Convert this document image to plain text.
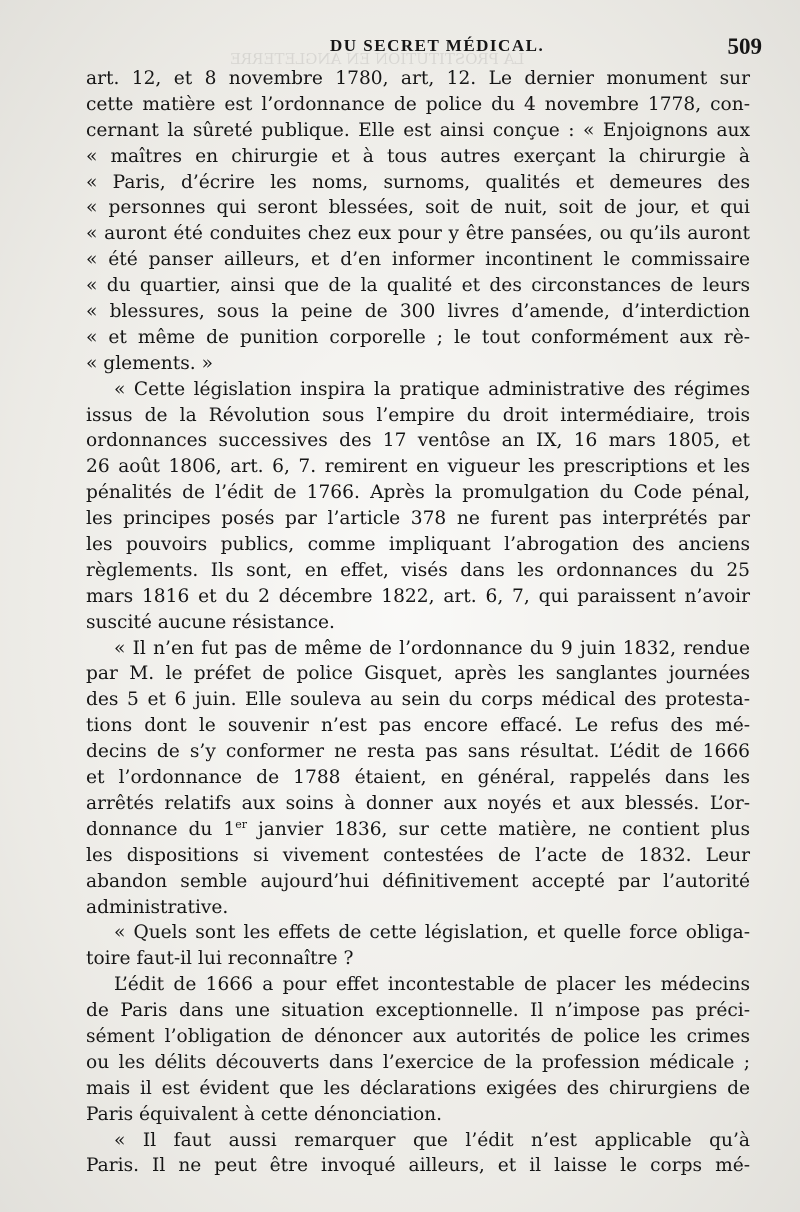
LA PROSTITUTION EN ANGLETERRE
DU SECRET MÉDICAL.	509
art. 12, et 8 novembre 1780, art, 12. Le dernier monument sur
cette matière est l’ordonnance de police du 4 novembre 1778, con-
cernant la sûreté publique. Elle est ainsi conçue : « Enjoignons aux
« maîtres en chirurgie et à tous autres exerçant la chirurgie à
« Paris, d’écrire les noms, surnoms, qualités et demeures des
« personnes qui seront blessées, soit de nuit, soit de jour, et qui
« auront été conduites chez eux pour y être pansées, ou qu’ils auront
« été panser ailleurs, et d’en informer incontinent le commissaire
« du quartier, ainsi que de la qualité et des circonstances de leurs
« blessures, sous la peine de 300 livres d’amende, d’interdiction
« et même de punition corporelle ; le tout conformément aux rè-
« glements. »
« Cette législation inspira la pratique administrative des régimes
issus de la Révolution sous l’empire du droit intermédiaire, trois
ordonnances successives des 17 ventôse an IX, 16 mars 1805, et
26 août 1806, art. 6, 7. remirent en vigueur les prescriptions et les
pénalités de l’édit de 1766. Après la promulgation du Code pénal,
les principes posés par l’article 378 ne furent pas interprétés par
les pouvoirs publics, comme impliquant l’abrogation des anciens
règlements. Ils sont, en effet, visés dans les ordonnances du 25
mars 1816 et du 2 décembre 1822, art. 6, 7, qui paraissent n’avoir
suscité aucune résistance.
« Il n’en fut pas de même de l’ordonnance du 9 juin 1832, rendue
par M. le préfet de police Gisquet, après les sanglantes journées
des 5 et 6 juin. Elle souleva au sein du corps médical des protesta-
tions dont le souvenir n’est pas encore effacé. Le refus des mé-
decins de s’y conformer ne resta pas sans résultat. L’édit de 1666
et l’ordonnance de 1788 étaient, en général, rappelés dans les
arrêtés relatifs aux soins à donner aux noyés et aux blessés. L’or-
donnance du 1er janvier 1836, sur cette matière, ne contient plus
les dispositions si vivement contestées de l’acte de 1832. Leur
abandon semble aujourd’hui définitivement accepté par l’autorité
administrative.
« Quels sont les effets de cette législation, et quelle force obliga-
toire faut-il lui reconnaître ?
L’édit de 1666 a pour effet incontestable de placer les médecins
de Paris dans une situation exceptionnelle. Il n’impose pas préci-
sément l’obligation de dénoncer aux autorités de police les crimes
ou les délits découverts dans l’exercice de la profession médicale ;
mais il est évident que les déclarations exigées des chirurgiens de
Paris équivalent à cette dénonciation.
« Il faut aussi remarquer que l’édit n’est applicable qu’à
Paris. Il ne peut être invoqué ailleurs, et il laisse le corps mé-
